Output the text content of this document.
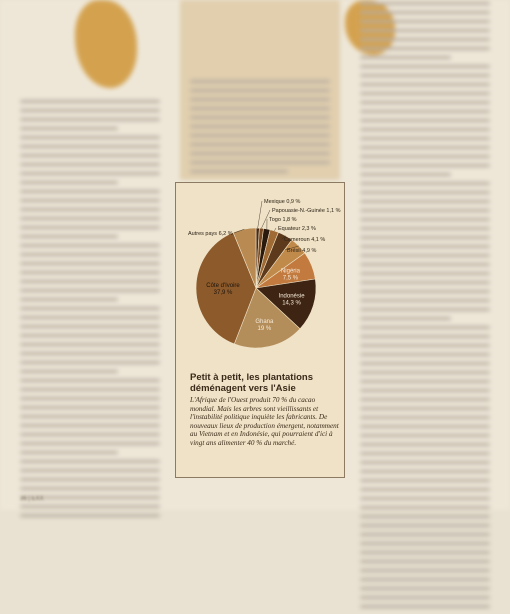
36 | EXX
Mexique 0,9 %
Papouasie-N.-Guinée 1,1 %
Togo 1,8 %
Equateur 2,3 %
Cameroun 4,1 %
Brésil 4,9 %
Nigéria 7,5 %
Indonésie 14,3 %
Ghana 19 %
Côte d'Ivoire 37,9 %
Autres pays 6,2 %
Petit à petit, les plantations déménagent vers l'Asie

L'Afrique de l'Ouest produit 70 % du cacao mondial. Mais les arbres sont vieillissants et l'instabilité politique inquiète les fabricants. De nouveaux lieux de production émergent, notamment au Vietnam et en Indonésie, qui pourraient d'ici à vingt ans alimenter 40 % du marché.
